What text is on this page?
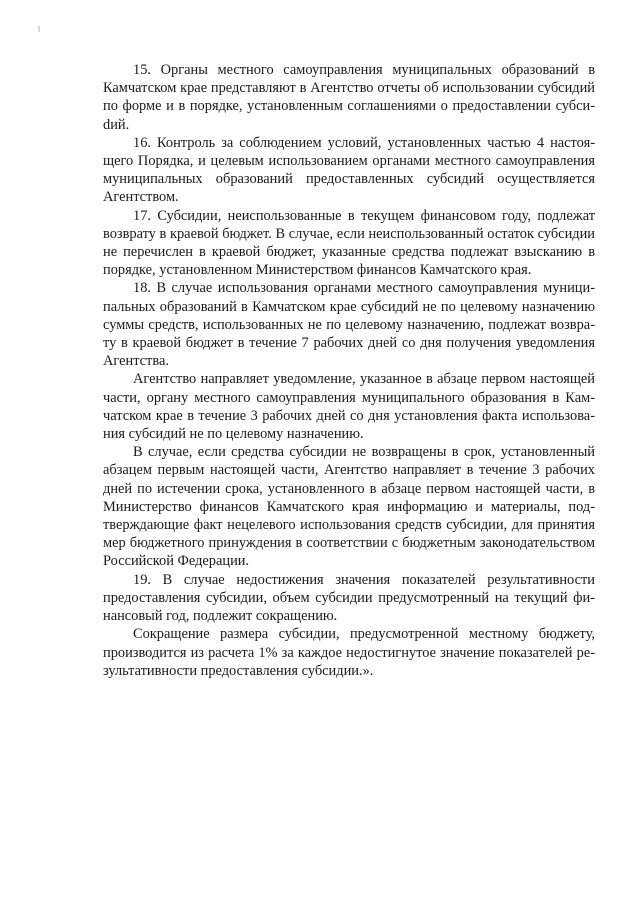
15. Органы местного самоуправления муниципальных образований в Камчатском крае представляют в Агентство отчеты об использовании субсидий по форме и в порядке, установленным соглашениями о предоставлении субсиdий.

16. Контроль за соблюдением условий, установленных частью 4 настоящего Порядка, и целевым использованием органами местного самоуправления муниципальных образований предоставленных субсидий осуществляется Агентством.

17. Субсидии, неиспользованные в текущем финансовом году, подлежат возврату в краевой бюджет. В случае, если неиспользованный остаток субсидии не перечислен в краевой бюджет, указанные средства подлежат взысканию в порядке, установленном Министерством финансов Камчатского края.

18. В случае использования органами местного самоуправления муниципальных образований в Камчатском крае субсидий не по целевому назначению суммы средств, использованных не по целевому назначению, подлежат возврату в краевой бюджет в течение 7 рабочих дней со дня получения уведомления Агентства.

Агентство направляет уведомление, указанное в абзаце первом настоящей части, органу местного самоуправления муниципального образования в Камчатском крае в течение 3 рабочих дней со дня установления факта использования субсидий не по целевому назначению.

В случае, если средства субсидии не возвращены в срок, установленный абзацем первым настоящей части, Агентство направляет в течение 3 рабочих дней по истечении срока, установленного в абзаце первом настоящей части, в Министерство финансов Камчатского края информацию и материалы, подтверждающие факт нецелевого использования средств субсидии, для принятия мер бюджетного принуждения в соответствии с бюджетным законодательством Российской Федерации.

19. В случае недостижения значения показателей результативности предоставления субсидии, объем субсидии предусмотренный на текущий финансовый год, подлежит сокращению.

Сокращение размера субсидии, предусмотренной местному бюджету, производится из расчета 1% за каждое недостигнутое значение показателей результативности предоставления субсидии.».
